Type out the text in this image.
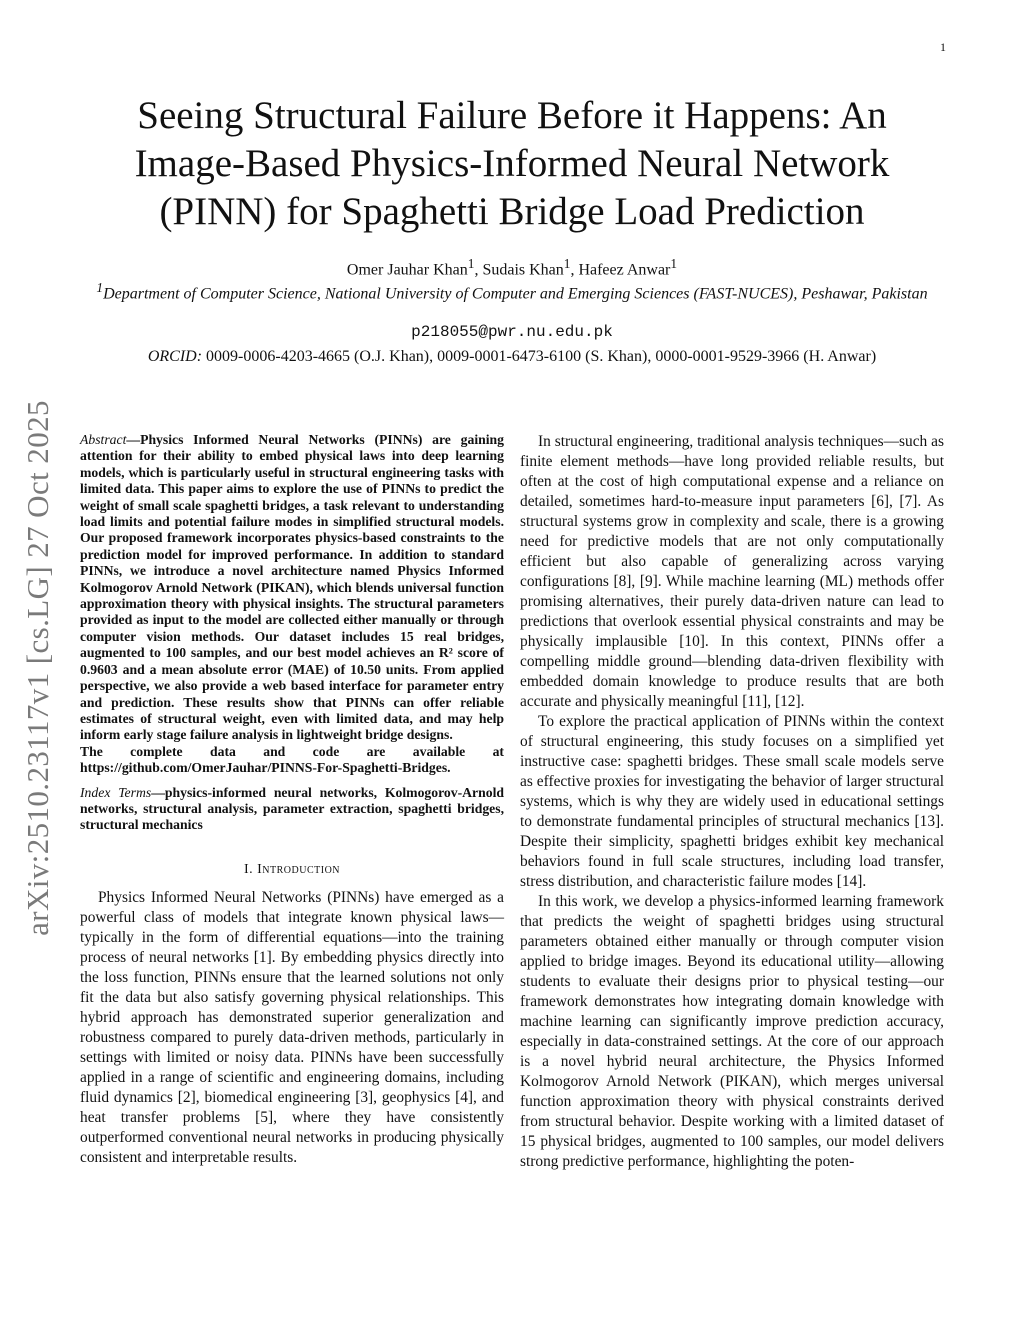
1
arXiv:2510.23117v1 [cs.LG] 27 Oct 2025
Seeing Structural Failure Before it Happens: An Image-Based Physics-Informed Neural Network (PINN) for Spaghetti Bridge Load Prediction
Omer Jauhar Khan$^1$, Sudais Khan$^1$, Hafeez Anwar$^1$
$^1$Department of Computer Science, National University of Computer and Emerging Sciences (FAST-NUCES), Peshawar, Pakistan
p218055@pwr.nu.edu.pk
ORCID: 0009-0006-4203-4665 (O.J. Khan), 0009-0001-6473-6100 (S. Khan), 0000-0001-9529-3966 (H. Anwar)

Abstract—Physics Informed Neural Networks (PINNs) are gaining attention for their ability to embed physical laws into deep learning models, which is particularly useful in structural engineering tasks with limited data. This paper aims to explore the use of PINNs to predict the weight of small scale spaghetti bridges, a task relevant to understanding load limits and potential failure modes in simplified structural models. Our proposed framework incorporates physics-based constraints to the prediction model for improved performance. In addition to standard PINNs, we introduce a novel architecture named Physics Informed Kolmogorov Arnold Network (PIKAN), which blends universal function approximation theory with physical insights. The structural parameters provided as input to the model are collected either manually or through computer vision methods. Our dataset includes 15 real bridges, augmented to 100 samples, and our best model achieves an R² score of 0.9603 and a mean absolute error (MAE) of 10.50 units. From applied perspective, we also provide a web based interface for parameter entry and prediction. These results show that PINNs can offer reliable estimates of structural weight, even with limited data, and may help inform early stage failure analysis in lightweight bridge designs.

The complete data and code are available at https://github.com/OmerJauhar/PINNS-For-Spaghetti-Bridges.

Index Terms—physics-informed neural networks, Kolmogorov-Arnold networks, structural analysis, parameter extraction, spaghetti bridges, structural mechanics

I. Introduction

Physics Informed Neural Networks (PINNs) have emerged as a powerful class of models that integrate known physical laws—typically in the form of differential equations—into the training process of neural networks [1]. By embedding physics directly into the loss function, PINNs ensure that the learned solutions not only fit the data but also satisfy governing physical relationships. This hybrid approach has demonstrated superior generalization and robustness compared to purely data-driven methods, particularly in settings with limited or noisy data. PINNs have been successfully applied in a range of scientific and engineering domains, including fluid dynamics [2], biomedical engineering [3], geophysics [4], and heat transfer problems [5], where they have consistently outperformed conventional neural networks in producing physically consistent and interpretable results.

In structural engineering, traditional analysis techniques—such as finite element methods—have long provided reliable results, but often at the cost of high computational expense and a reliance on detailed, sometimes hard-to-measure input parameters [6], [7]. As structural systems grow in complexity and scale, there is a growing need for predictive models that are not only computationally efficient but also capable of generalizing across varying configurations [8], [9]. While machine learning (ML) methods offer promising alternatives, their purely data-driven nature can lead to predictions that overlook essential physical constraints and may be physically implausible [10]. In this context, PINNs offer a compelling middle ground—blending data-driven flexibility with embedded domain knowledge to produce results that are both accurate and physically meaningful [11], [12].

To explore the practical application of PINNs within the context of structural engineering, this study focuses on a simplified yet instructive case: spaghetti bridges. These small scale models serve as effective proxies for investigating the behavior of larger structural systems, which is why they are widely used in educational settings to demonstrate fundamental principles of structural mechanics [13]. Despite their simplicity, spaghetti bridges exhibit key mechanical behaviors found in full scale structures, including load transfer, stress distribution, and characteristic failure modes [14].

In this work, we develop a physics-informed learning framework that predicts the weight of spaghetti bridges using structural parameters obtained either manually or through computer vision applied to bridge images. Beyond its educational utility—allowing students to evaluate their designs prior to physical testing—our framework demonstrates how integrating domain knowledge with machine learning can significantly improve prediction accuracy, especially in data-constrained settings. At the core of our approach is a novel hybrid neural architecture, the Physics Informed Kolmogorov Arnold Network (PIKAN), which merges universal function approximation theory with physical constraints derived from structural behavior. Despite working with a limited dataset of 15 physical bridges, augmented to 100 samples, our model delivers strong predictive performance, highlighting the poten-
